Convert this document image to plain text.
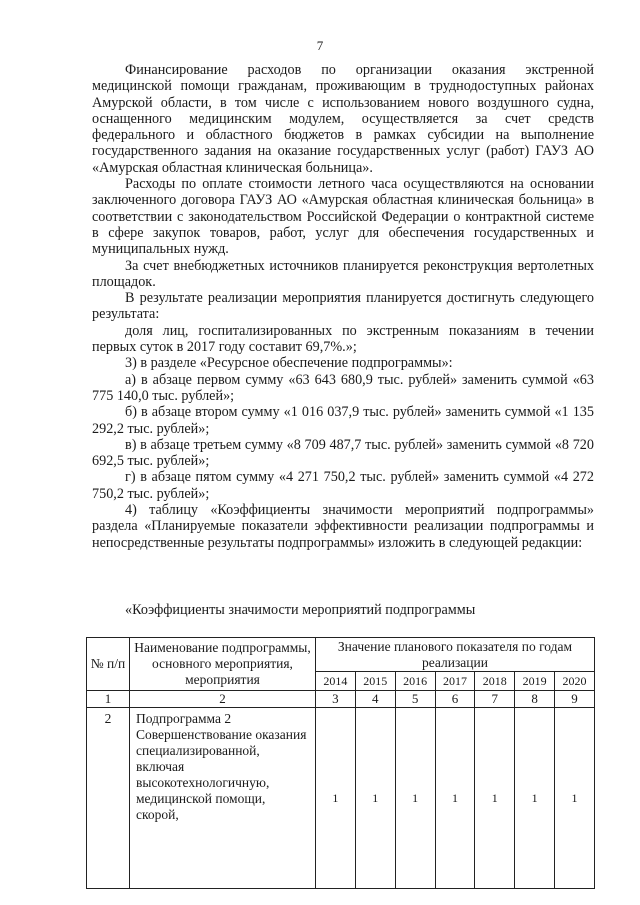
7

Финансирование расходов по организации оказания экстренной медицинской помощи гражданам, проживающим в труднодоступных районах Амурской области, в том числе с использованием нового воздушного судна, оснащенного медицинским модулем, осуществляется за счет средств федерального и областного бюджетов в рамках субсидии на выполнение государственного задания на оказание государственных услуг (работ) ГАУЗ АО «Амурская областная клиническая больница».

Расходы по оплате стоимости летного часа осуществляются на основании заключенного договора ГАУЗ АО «Амурская областная клиническая больница» в соответствии с законодательством Российской Федерации о контрактной системе в сфере закупок товаров, работ, услуг для обеспечения государственных и муниципальных нужд.

За счет внебюджетных источников планируется реконструкция вертолетных площадок.

В результате реализации мероприятия планируется достигнуть следующего результата:

доля лиц, госпитализированных по экстренным показаниям в течении первых суток в 2017 году составит 69,7%.»;

3) в разделе «Ресурсное обеспечение подпрограммы»:

а) в абзаце первом сумму «63 643 680,9 тыс. рублей» заменить суммой «63 775 140,0 тыс. рублей»;

б) в абзаце втором сумму «1 016 037,9 тыс. рублей» заменить суммой «1 135 292,2 тыс. рублей»;

в) в абзаце третьем сумму «8 709 487,7 тыс. рублей» заменить суммой «8 720 692,5 тыс. рублей»;

г) в абзаце пятом сумму «4 271 750,2 тыс. рублей» заменить суммой «4 272 750,2 тыс. рублей»;

4) таблицу «Коэффициенты значимости мероприятий подпрограммы» раздела «Планируемые показатели эффективности реализации подпрограммы и непосредственные результаты подпрограммы» изложить в следующей редакции:

«Коэффициенты значимости мероприятий подпрограммы
№ п/п	Наименование подпрограммы, основного мероприятия, мероприятия	Значение планового показателя по годам реализации						
		2014	2015	2016	2017	2018	2019	2020
1	2	3	4	5	6	7	8	9
2	Подпрограмма 2 Совершенствование оказания специализированной, включая высокотехнологичную, медицинской помощи, скорой,	1	1	1	1	1	1	1
